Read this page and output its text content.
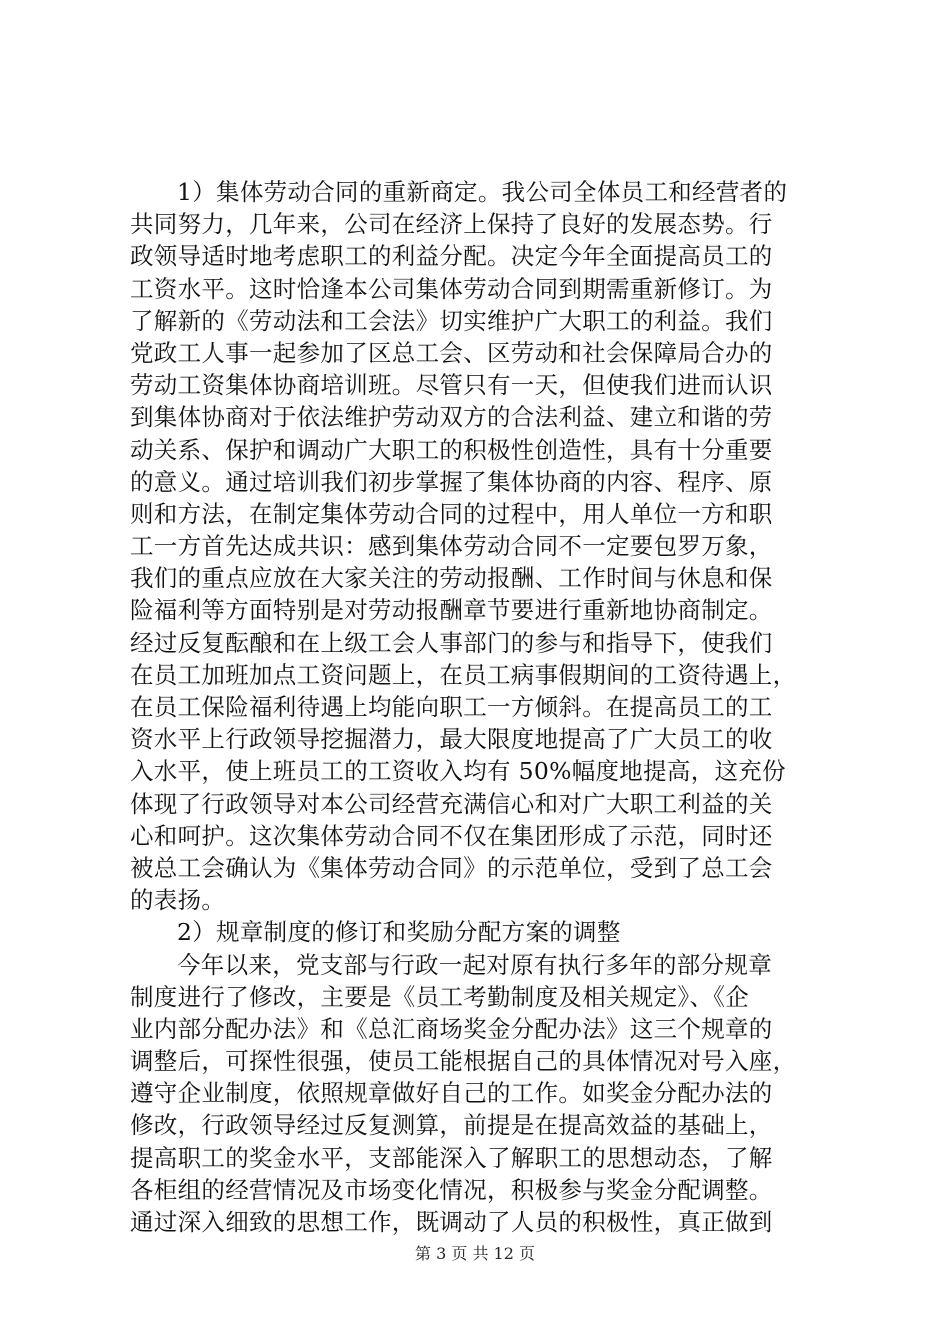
1）集体劳动合同的重新商定。我公司全体员工和经营者的
共同努力，几年来，公司在经济上保持了良好的发展态势。行
政领导适时地考虑职工的利益分配。决定今年全面提高员工的
工资水平。这时恰逢本公司集体劳动合同到期需重新修订。为
了解新的《劳动法和工会法》切实维护广大职工的利益。我们
党政工人事一起参加了区总工会、区劳动和社会保障局合办的
劳动工资集体协商培训班。尽管只有一天，但使我们进而认识
到集体协商对于依法维护劳动双方的合法利益、建立和谐的劳
动关系、保护和调动广大职工的积极性创造性，具有十分重要
的意义。通过培训我们初步掌握了集体协商的内容、程序、原
则和方法，在制定集体劳动合同的过程中，用人单位一方和职
工一方首先达成共识：感到集体劳动合同不一定要包罗万象，
我们的重点应放在大家关注的劳动报酬、工作时间与休息和保
险福利等方面特别是对劳动报酬章节要进行重新地协商制定。
经过反复酝酿和在上级工会人事部门的参与和指导下，使我们
在员工加班加点工资问题上，在员工病事假期间的工资待遇上，
在员工保险福利待遇上均能向职工一方倾斜。在提高员工的工
资水平上行政领导挖掘潜力，最大限度地提高了广大员工的收
入水平，使上班员工的工资收入均有 50%幅度地提高，这充份
体现了行政领导对本公司经营充满信心和对广大职工利益的关
心和呵护。这次集体劳动合同不仅在集团形成了示范，同时还
被总工会确认为《集体劳动合同》的示范单位，受到了总工会
的表扬。
2）规章制度的修订和奖励分配方案的调整
今年以来，党支部与行政一起对原有执行多年的部分规章
制度进行了修改，主要是《员工考勤制度及相关规定》、《企
业内部分配办法》和《总汇商场奖金分配办法》这三个规章的
调整后，可探性很强，使员工能根据自己的具体情况对号入座，
遵守企业制度，依照规章做好自己的工作。如奖金分配办法的
修改，行政领导经过反复测算，前提是在提高效益的基础上，
提高职工的奖金水平，支部能深入了解职工的思想动态，了解
各柜组的经营情况及市场变化情况，积极参与奖金分配调整。
通过深入细致的思想工作，既调动了人员的积极性，真正做到
第 3 页 共 12 页
